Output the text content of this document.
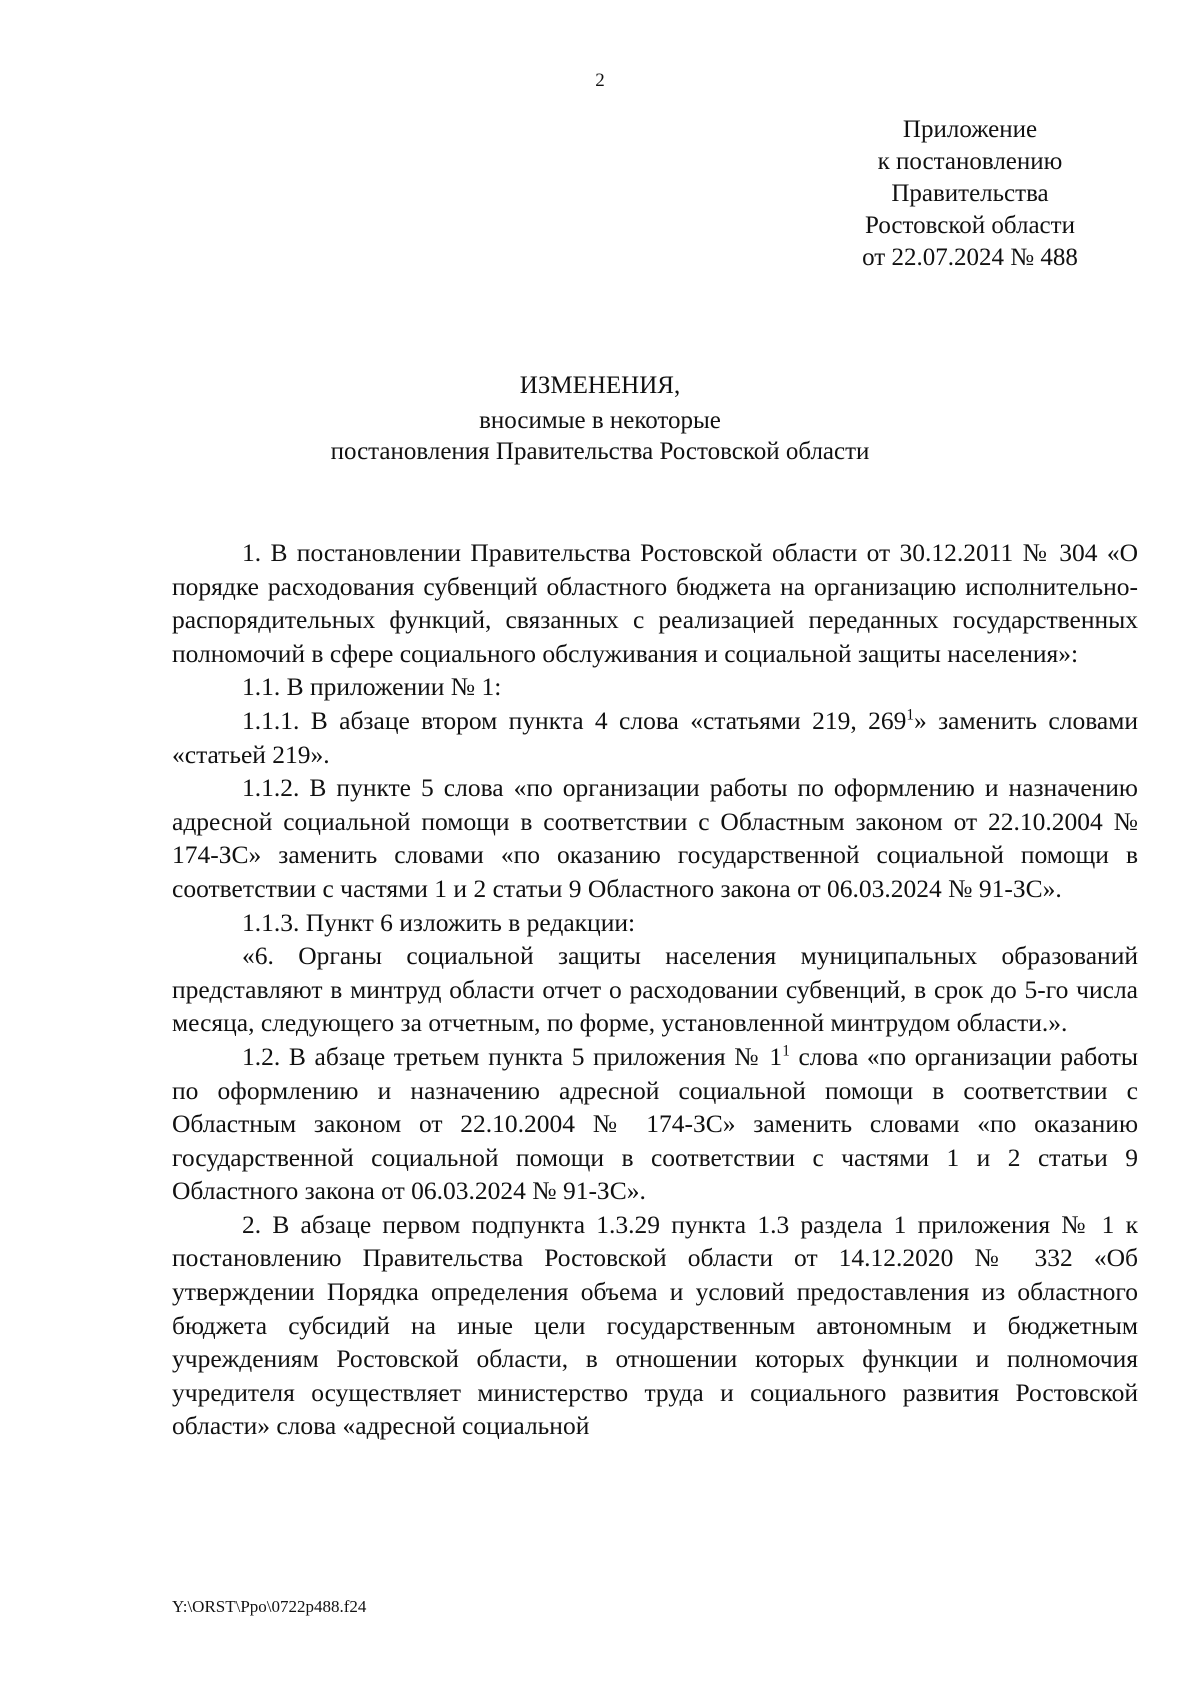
2
Приложение
к постановлению
Правительства
Ростовской области
от 22.07.2024 № 488
ИЗМЕНЕНИЯ,
вносимые в некоторые
постановления Правительства Ростовской области

1. В постановлении Правительства Ростовской области от 30.12.2011 № 304 «О порядке расходования субвенций областного бюджета на организацию исполнительно-распорядительных функций, связанных с реализацией переданных государственных полномочий в сфере социального обслуживания и социальной защиты населения»:

1.1. В приложении № 1:

1.1.1. В абзаце втором пункта 4 слова «статьями 219, $269^1$» заменить словами «статьей 219».

1.1.2. В пункте 5 слова «по организации работы по оформлению и назначению адресной социальной помощи в соответствии с Областным законом от 22.10.2004 № 174-ЗС» заменить словами «по оказанию государственной социальной помощи в соответствии с частями 1 и 2 статьи 9 Областного закона от 06.03.2024 № 91-ЗС».

1.1.3. Пункт 6 изложить в редакции:

«6. Органы социальной защиты населения муниципальных образований представляют в минтруд области отчет о расходовании субвенций, в срок до 5-го числа месяца, следующего за отчетным, по форме, установленной минтрудом области.».

1.2. В абзаце третьем пункта 5 приложения № $1^1$ слова «по организации работы по оформлению и назначению адресной социальной помощи в соответствии с Областным законом от 22.10.2004 № 174-ЗС» заменить словами «по оказанию государственной социальной помощи в соответствии с частями 1 и 2 статьи 9 Областного закона от 06.03.2024 № 91-ЗС».

2. В абзаце первом подпункта 1.3.29 пункта 1.3 раздела 1 приложения № 1 к постановлению Правительства Ростовской области от 14.12.2020 № 332 «Об утверждении Порядка определения объема и условий предоставления из областного бюджета субсидий на иные цели государственным автономным и бюджетным учреждениям Ростовской области, в отношении которых функции и полномочия учредителя осуществляет министерство труда и социального развития Ростовской области» слова «адресной социальной

Y:\ORST\Ppo\0722p488.f24
